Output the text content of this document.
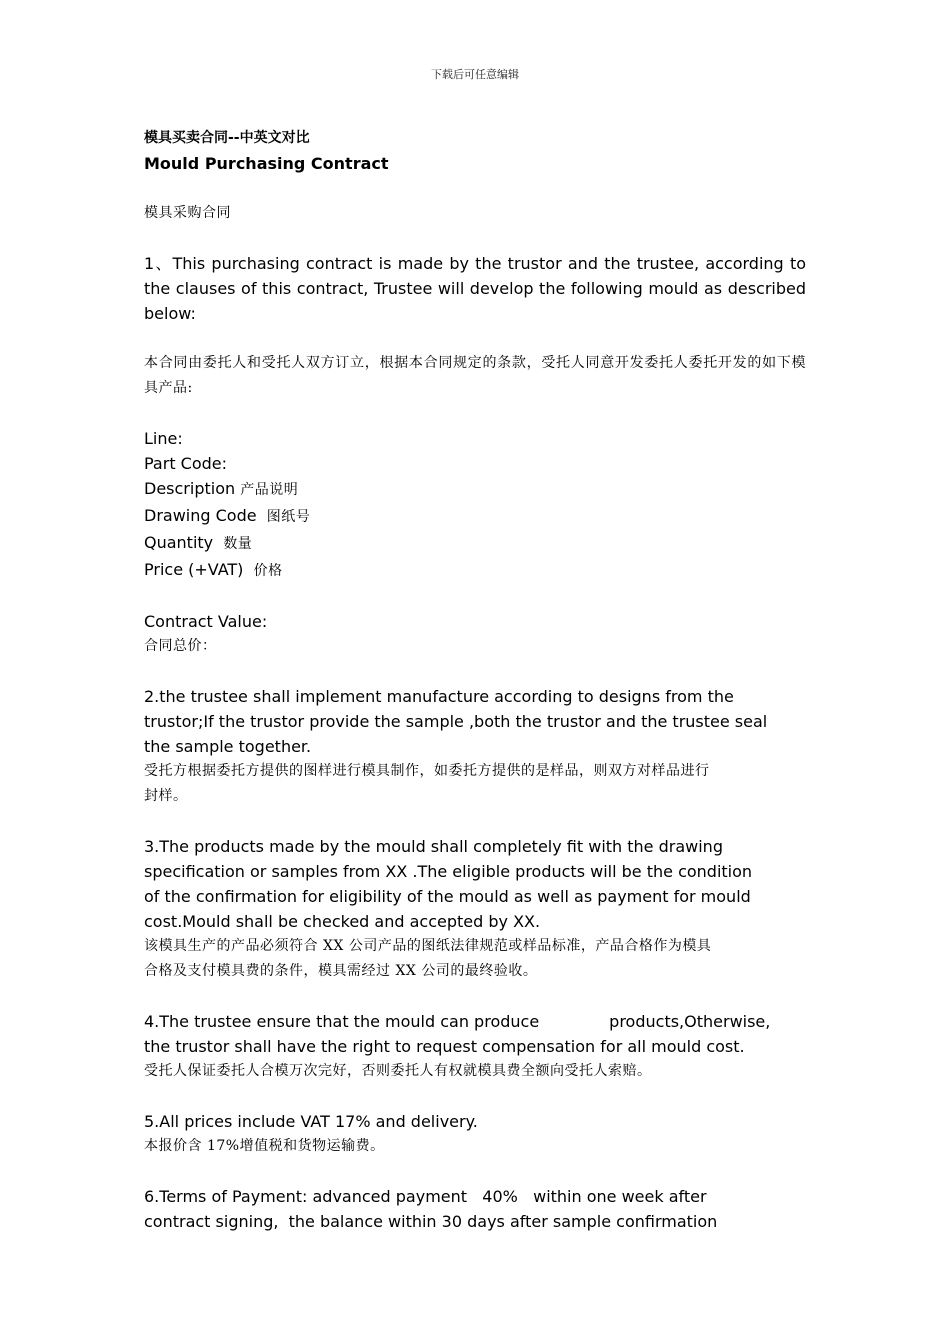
下载后可任意编辑

模具买卖合同--中英文对比

Mould Purchasing Contract

模具采购合同

1、This purchasing contract is made by the trustor and the trustee, according to the clauses of this contract, Trustee will develop the following mould as described below:

本合同由委托人和受托人双方订立，根据本合同规定的条款，受托人同意开发委托人委托开发的如下模具产品:

Line:

Part Code:

Description 产品说明

Drawing Code 图纸号

Quantity 数量

Price (+VAT) 价格

Contract Value:

合同总价：

2.the trustee shall implement manufacture according to designs from the

trustor;If the trustor provide the sample ,both the trustor and the trustee seal

the sample together.

受托方根据委托方提供的图样进行模具制作，如委托方提供的是样品，则双方对样品进行

封样。

3.The products made by the mould shall completely fit with the drawing

specification or samples from XX .The eligible products will be the condition

of the confirmation for eligibility of the mould as well as payment for mould

cost.Mould shall be checked and accepted by XX.

该模具生产的产品必须符合 XX 公司产品的图纸法律规范或样品标准，产品合格作为模具

合格及支付模具费的条件，模具需经过 XX 公司的最终验收。

4.The trustee ensure that the mould can produce	products,Otherwise,

the trustor shall have the right to request compensation for all mould cost.

受托人保证委托人合模万次完好，否则委托人有权就模具费全额向受托人索赔。

5.All prices include VAT 17% and delivery.

本报价含 17%增值税和货物运输费。

6.Terms of Payment: advanced payment   40%   within one week after

contract signing,  the balance within 30 days after sample confirmation
